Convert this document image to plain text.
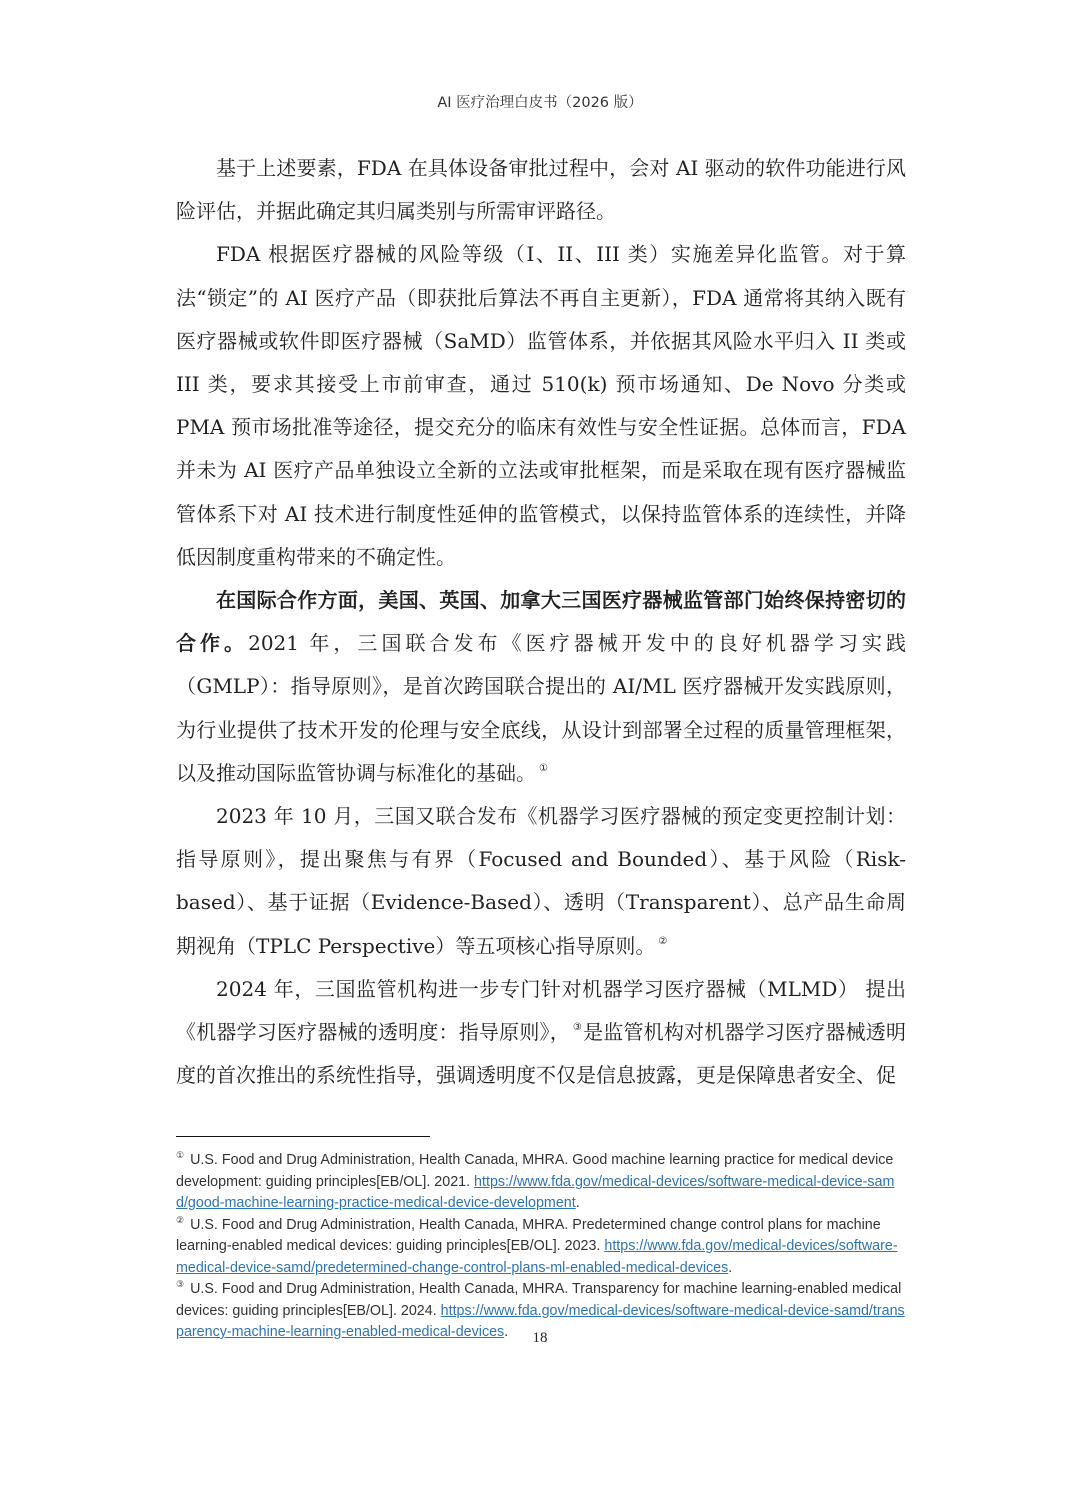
AI 医疗治理白皮书（2026 版）

基于上述要素，FDA 在具体设备审批过程中，会对 AI 驱动的软件功能进行风险评估，并据此确定其归属类别与所需审评路径。

FDA 根据医疗器械的风险等级（I、II、III 类）实施差异化监管。对于算法“锁定”的 AI 医疗产品（即获批后算法不再自主更新），FDA 通常将其纳入既有医疗器械或软件即医疗器械（SaMD）监管体系，并依据其风险水平归入 II 类或 III 类，要求其接受上市前审查，通过 510(k) 预市场通知、De Novo 分类或 PMA 预市场批准等途径，提交充分的临床有效性与安全性证据。总体而言，FDA 并未为 AI 医疗产品单独设立全新的立法或审批框架，而是采取在现有医疗器械监管体系下对 AI 技术进行制度性延伸的监管模式，以保持监管体系的连续性，并降低因制度重构带来的不确定性。

在国际合作方面，美国、英国、加拿大三国医疗器械监管部门始终保持密切的合作。2021 年，三国联合发布《医疗器械开发中的良好机器学习实践（GMLP）：指导原则》，是首次跨国联合提出的 AI/ML 医疗器械开发实践原则，为行业提供了技术开发的伦理与安全底线，从设计到部署全过程的质量管理框架，以及推动国际监管协调与标准化的基础。 ①

2023 年 10 月，三国又联合发布《机器学习医疗器械的预定变更控制计划：指导原则》，提出聚焦与有界（Focused and Bounded）、基于风险（Risk-based）、基于证据（Evidence-Based）、透明（Transparent）、总产品生命周期视角（TPLC Perspective）等五项核心指导原则。 ②

2024 年，三国监管机构进一步专门针对机器学习医疗器械（MLMD） 提出《机器学习医疗器械的透明度：指导原则》， ③是监管机构对机器学习医疗器械透明度的首次推出的系统性指导，强调透明度不仅是信息披露，更是保障患者安全、促

① U.S. Food and Drug Administration, Health Canada, MHRA. Good machine learning practice for medical device development: guiding principles[EB/OL]. 2021. https://www.fda.gov/medical-devices/software-medical-device-samd/good-machine-learning-practice-medical-device-development.

② U.S. Food and Drug Administration, Health Canada, MHRA. Predetermined change control plans for machine learning-enabled medical devices: guiding principles[EB/OL]. 2023. https://www.fda.gov/medical-devices/software-medical-device-samd/predetermined-change-control-plans-ml-enabled-medical-devices.

③ U.S. Food and Drug Administration, Health Canada, MHRA. Transparency for machine learning-enabled medical devices: guiding principles[EB/OL]. 2024. https://www.fda.gov/medical-devices/software-medical-device-samd/transparency-machine-learning-enabled-medical-devices.	18
